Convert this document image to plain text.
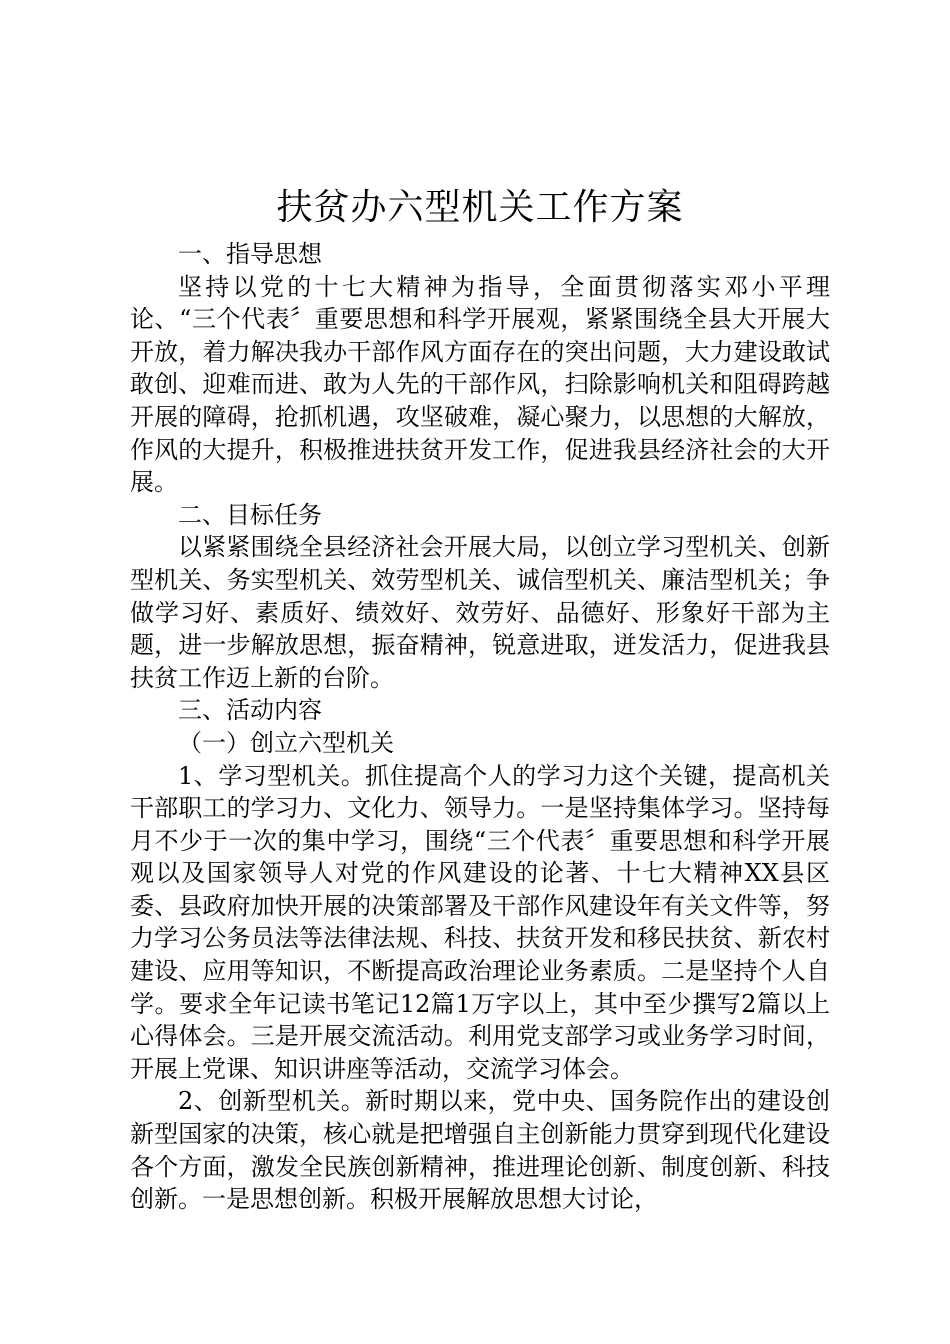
扶贫办六型机关工作方案
一、指导思想

坚持以党的十七大精神为指导，全面贯彻落实邓小平理论、“三个代表〞重要思想和科学开展观，紧紧围绕全县大开展大开放，着力解决我办干部作风方面存在的突出问题，大力建设敢试敢创、迎难而进、敢为人先的干部作风，扫除影响机关和阻碍跨越开展的障碍，抢抓机遇，攻坚破难，凝心聚力，以思想的大解放，作风的大提升，积极推进扶贫开发工作，促进我县经济社会的大开展。

二、目标任务

以紧紧围绕全县经济社会开展大局，以创立学习型机关、创新型机关、务实型机关、效劳型机关、诚信型机关、廉洁型机关；争做学习好、素质好、绩效好、效劳好、品德好、形象好干部为主题，进一步解放思想，振奋精神，锐意进取，迸发活力，促进我县扶贫工作迈上新的台阶。

三、活动内容
（一）创立六型机关

1、学习型机关。抓住提高个人的学习力这个关键，提高机关干部职工的学习力、文化力、领导力。一是坚持集体学习。坚持每月不少于一次的集中学习，围绕“三个代表〞重要思想和科学开展观以及国家领导人对党的作风建设的论著、十七大精神XX县区委、县政府加快开展的决策部署及干部作风建设年有关文件等，努力学习公务员法等法律法规、科技、扶贫开发和移民扶贫、新农村建设、应用等知识，不断提高政治理论业务素质。二是坚持个人自学。要求全年记读书笔记12篇1万字以上，其中至少撰写2篇以上心得体会。三是开展交流活动。利用党支部学习或业务学习时间，开展上党课、知识讲座等活动，交流学习体会。

2、创新型机关。新时期以来，党中央、国务院作出的建设创新型国家的决策，核心就是把增强自主创新能力贯穿到现代化建设各个方面，激发全民族创新精神，推进理论创新、制度创新、科技创新。一是思想创新。积极开展解放思想大讨论，
